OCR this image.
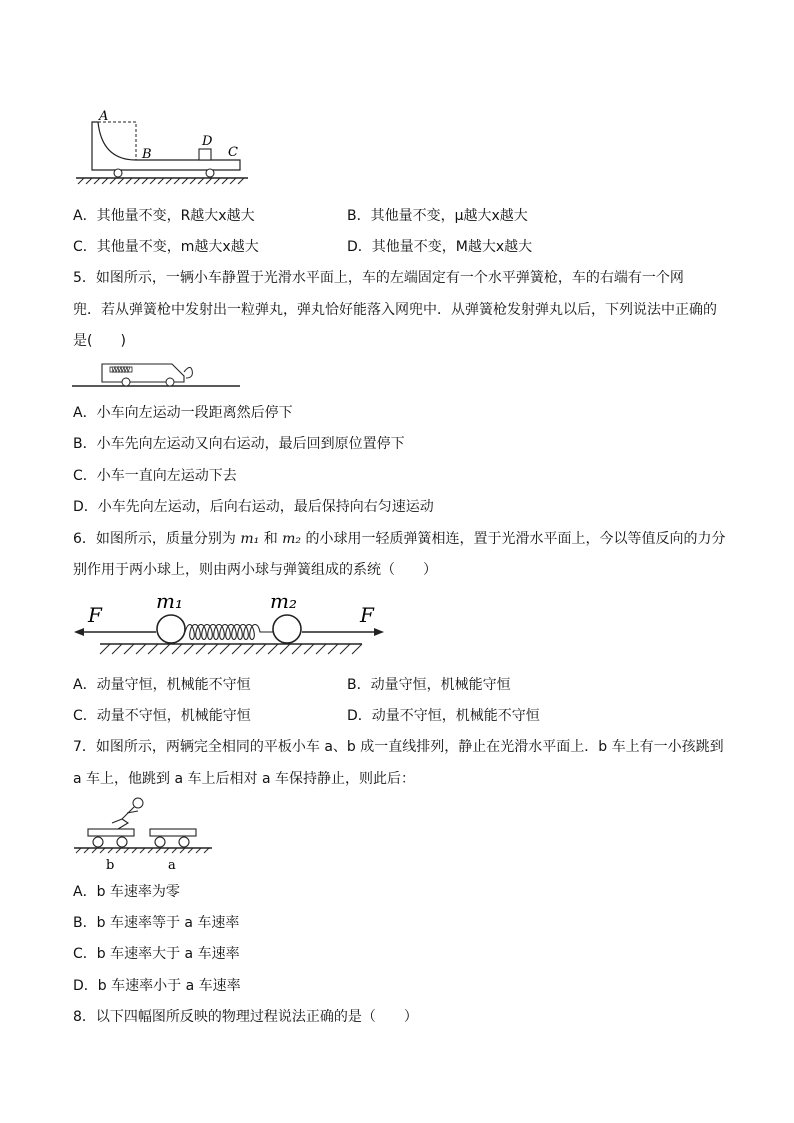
A
B
D
C
A．其他量不变，R越大x越大	B．其他量不变，μ越大x越大
C．其他量不变，m越大x越大	D．其他量不变，M越大x越大
5．如图所示，一辆小车静置于光滑水平面上，车的左端固定有一个水平弹簧枪，车的右端有一个网
兜．若从弹簧枪中发射出一粒弹丸，弹丸恰好能落入网兜中．从弹簧枪发射弹丸以后，下列说法中正确的
是(　　)
A．小车向左运动一段距离然后停下
B．小车先向左运动又向右运动，最后回到原位置停下
C．小车一直向左运动下去
D．小车先向左运动，后向右运动，最后保持向右匀速运动
6．如图所示，质量分别为 m₁ 和 m₂ 的小球用一轻质弹簧相连，置于光滑水平面上，今以等值反向的力分
别作用于两小球上，则由两小球与弹簧组成的系统（　　）
F	F
m₁	m₂
A．动量守恒，机械能不守恒	B．动量守恒，机械能守恒
C．动量不守恒，机械能守恒	D．动量不守恒，机械能不守恒
7．如图所示，两辆完全相同的平板小车 a、b 成一直线排列，静止在光滑水平面上．b 车上有一小孩跳到
a 车上，他跳到 a 车上后相对 a 车保持静止，则此后：
b	a
A．b 车速率为零
B．b 车速率等于 a 车速率
C．b 车速率大于 a 车速率
D．b 车速率小于 a 车速率
8．以下四幅图所反映的物理过程说法正确的是（　　）
